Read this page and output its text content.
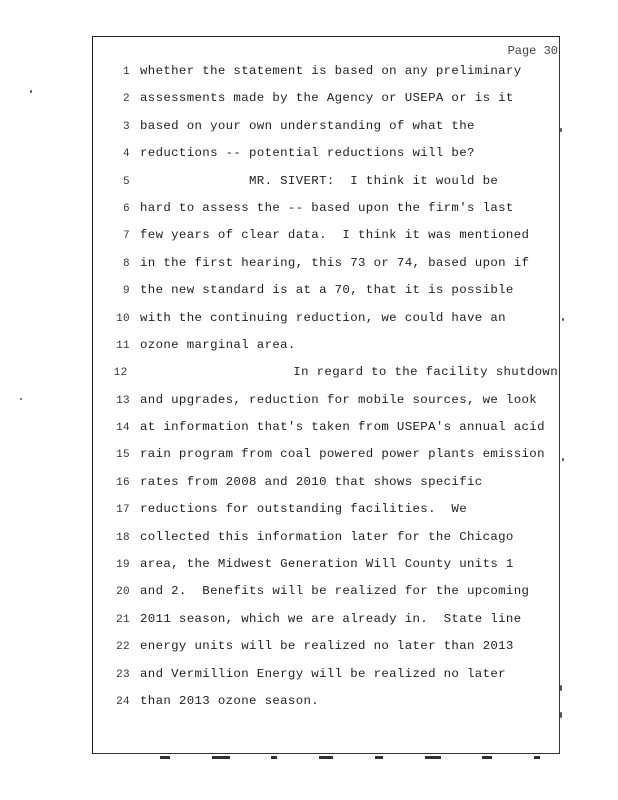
Page 30
1 whether the statement is based on any preliminary
2 assessments made by the Agency or USEPA or is it
3 based on your own understanding of what the
4 reductions -- potential reductions will be?
5 MR. SIVERT:  I think it would be
6 hard to assess the -- based upon the firm's last
7 few years of clear data.  I think it was mentioned
8 in the first hearing, this 73 or 74, based upon if
9 the new standard is at a 70, that it is possible
10 with the continuing reduction, we could have an
11 ozone marginal area.
12 In regard to the facility shutdown
13 and upgrades, reduction for mobile sources, we look
14 at information that's taken from USEPA's annual acid
15 rain program from coal powered power plants emission
16 rates from 2008 and 2010 that shows specific
17 reductions for outstanding facilities.  We
18 collected this information later for the Chicago
19 area, the Midwest Generation Will County units 1
20 and 2.  Benefits will be realized for the upcoming
21 2011 season, which we are already in.  State line
22 energy units will be realized no later than 2013
23 and Vermillion Energy will be realized no later
24 than 2013 ozone season.
